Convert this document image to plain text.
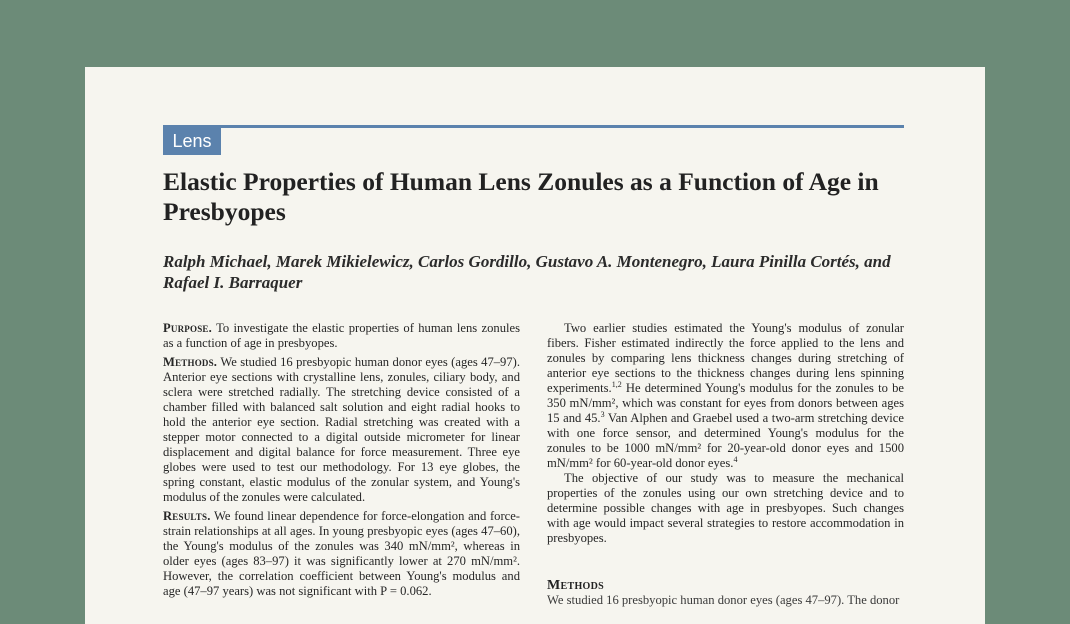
Lens
Elastic Properties of Human Lens Zonules as a Function of Age in Presbyopes

Ralph Michael, Marek Mikielewicz, Carlos Gordillo, Gustavo A. Montenegro, Laura Pinilla Cortés, and Rafael I. Barraquer

Purpose. To investigate the elastic properties of human lens zonules as a function of age in presbyopes.

Methods. We studied 16 presbyopic human donor eyes (ages 47–97). Anterior eye sections with crystalline lens, zonules, ciliary body, and sclera were stretched radially. The stretching device consisted of a chamber filled with balanced salt solution and eight radial hooks to hold the anterior eye section. Radial stretching was created with a stepper motor connected to a digital outside micrometer for linear displacement and digital balance for force measurement. Three eye globes were used to test our methodology. For 13 eye globes, the spring constant, elastic modulus of the zonular system, and Young's modulus of the zonules were calculated.

Results. We found linear dependence for force-elongation and force-strain relationships at all ages. In young presbyopic eyes (ages 47–60), the Young's modulus of the zonules was 340 mN/mm², whereas in older eyes (ages 83–97) it was significantly lower at 270 mN/mm². However, the correlation coefficient between Young's modulus and age (47–97 years) was not significant with P = 0.062.

Two earlier studies estimated the Young's modulus of zonular fibers. Fisher estimated indirectly the force applied to the lens and zonules by comparing lens thickness changes during stretching of anterior eye sections to the thickness changes during lens spinning experiments.$^{1,2}$ He determined Young's modulus for the zonules to be 350 mN/mm², which was constant for eyes from donors between ages 15 and 45.$^3$ Van Alphen and Graebel used a two-arm stretching device with one force sensor, and determined Young's modulus for the zonules to be 1000 mN/mm² for 20-year-old donor eyes and 1500 mN/mm² for 60-year-old donor eyes.$^4$

The objective of our study was to measure the mechanical properties of the zonules using our own stretching device and to determine possible changes with age in presbyopes. Such changes with age would impact several strategies to restore accommodation in presbyopes.

Methods

We studied 16 presbyopic human donor eyes (ages 47–97). The donor
